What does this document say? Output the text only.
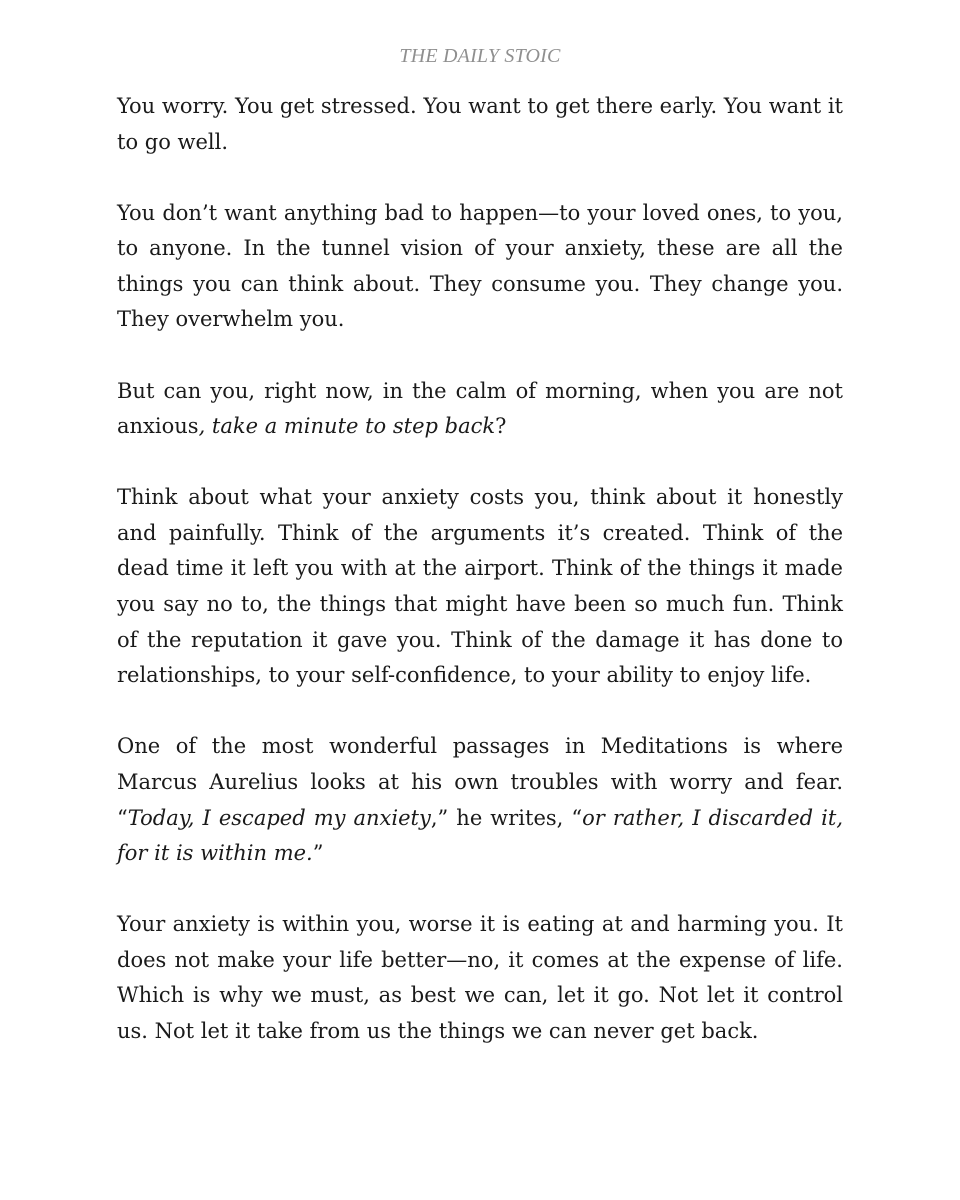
THE DAILY STOIC

You worry. You get stressed. You want to get there early. You want it to go well.

You don’t want anything bad to happen—to your loved ones, to you, to anyone. In the tunnel vision of your anxiety, these are all the things you can think about. They consume you. They change you. They overwhelm you.

But can you, right now, in the calm of morning, when you are not anxious, take a minute to step back?

Think about what your anxiety costs you, think about it honestly and painfully. Think of the arguments it’s created. Think of the dead time it left you with at the airport. Think of the things it made you say no to, the things that might have been so much fun. Think of the reputation it gave you. Think of the damage it has done to relationships, to your self-confidence, to your ability to enjoy life.

One of the most wonderful passages in Meditations is where Marcus Aurelius looks at his own troubles with worry and fear. “Today, I escaped my anxiety,” he writes, “or rather, I discarded it, for it is within me.”

Your anxiety is within you, worse it is eating at and harming you. It does not make your life better—no, it comes at the expense of life. Which is why we must, as best we can, let it go. Not let it control us. Not let it take from us the things we can never get back.
